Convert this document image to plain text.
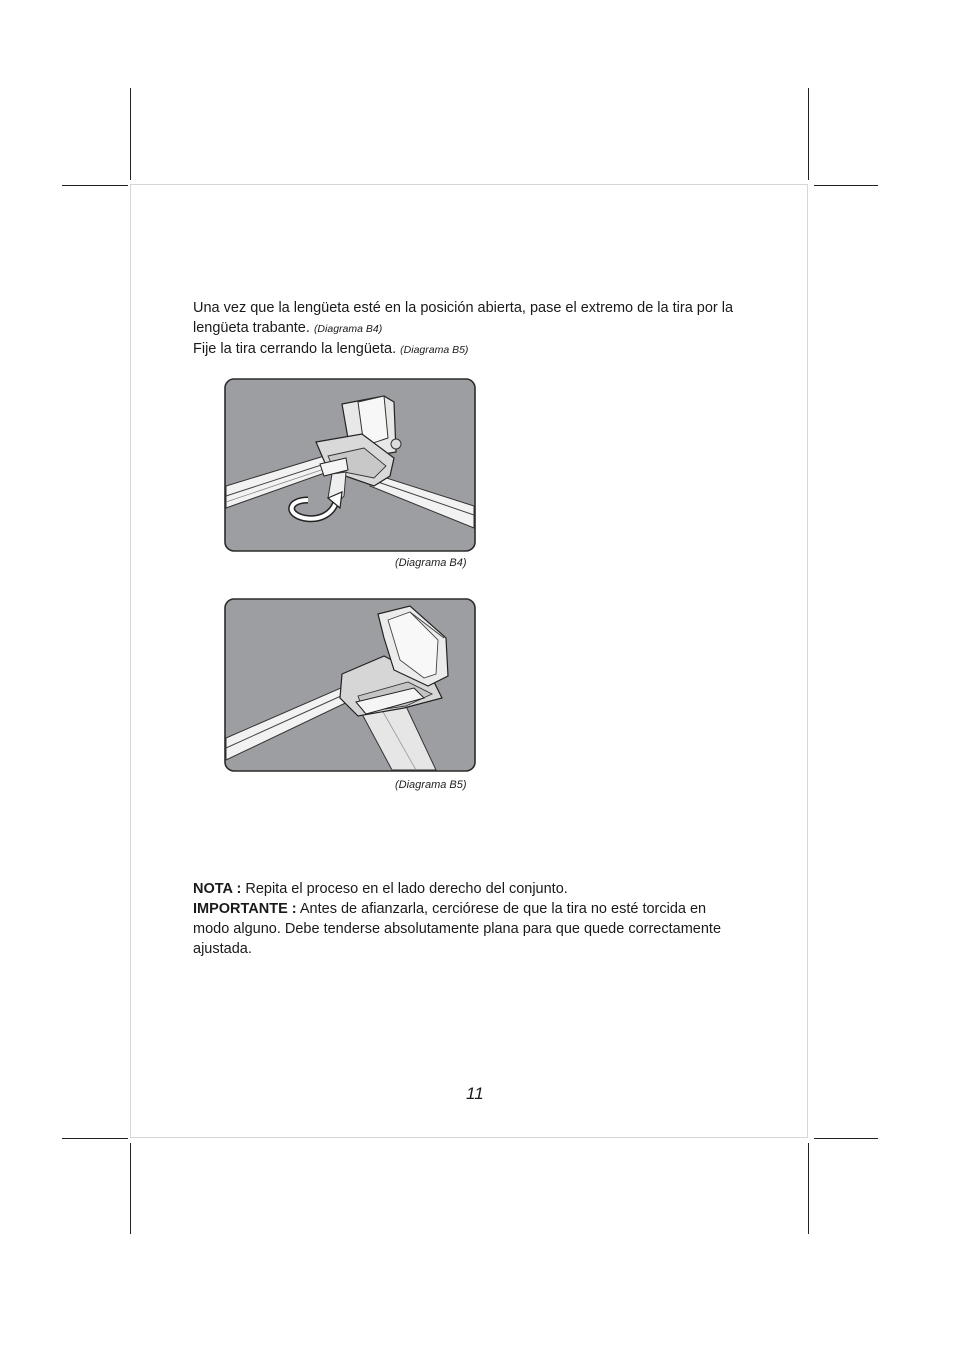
Una vez que la lengüeta esté en la posición abierta, pase el extremo de la tira por la
lengüeta trabante. (Diagrama B4)
Fije la tira cerrando la lengüeta. (Diagrama B5)
(Diagrama B4)
(Diagrama B5)
NOTA : Repita el proceso en el lado derecho del conjunto.
IMPORTANTE : Antes de afianzarla, cerciórese de que la tira no esté torcida en
modo alguno. Debe tenderse absolutamente plana para que quede correctamente
ajustada.
11
